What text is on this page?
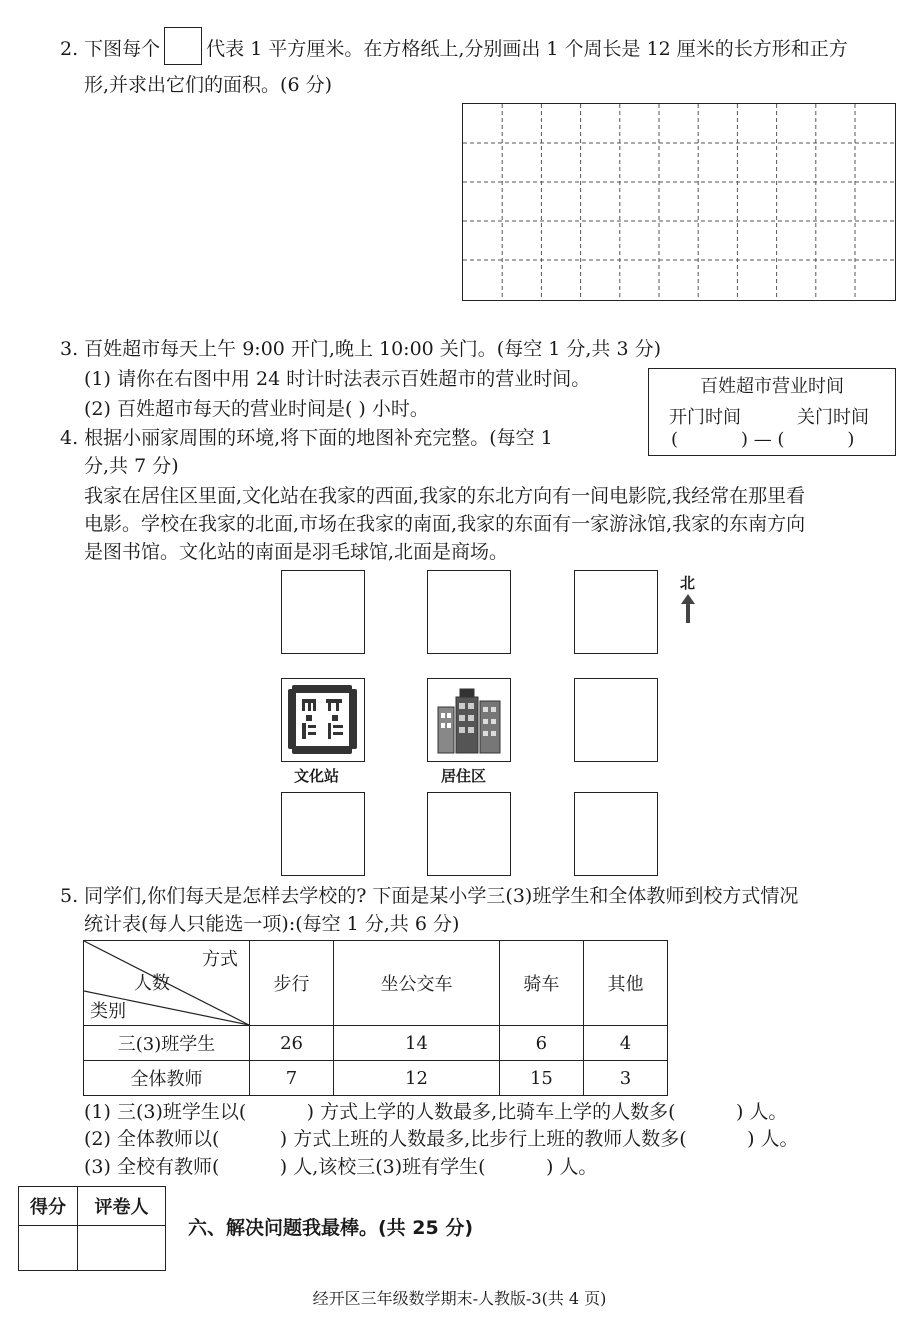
2. 下图每个 代表 1 平方厘米。在方格纸上,分别画出 1 个周长是 12 厘米的长方形和正方
形,并求出它们的面积。(6 分)
3. 百姓超市每天上午 9:00 开门,晚上 10:00 关门。(每空 1 分,共 3 分)
(1) 请你在右图中用 24 时计时法表示百姓超市的营业时间。
(2) 百姓超市每天的营业时间是( ) 小时。
百姓超市营业时间
开门时间	关门时间
(           ) — (           )
4. 根据小丽家周围的环境,将下面的地图补充完整。(每空 1
分,共 7 分)
我家在居住区里面,文化站在我家的西面,我家的东北方向有一间电影院,我经常在那里看
电影。学校在我家的北面,市场在我家的南面,我家的东面有一家游泳馆,我家的东南方向
是图书馆。文化站的南面是羽毛球馆,北面是商场。
文化站	居住区
北
5. 同学们,你们每天是怎样去学校的? 下面是某小学三(3)班学生和全体教师到校方式情况
统计表(每人只能选一项):(每空 1 分,共 6 分)
方式
人数
类别	步行	坐公交车	骑车	其他
三(3)班学生	26	14	6	4
全体教师	7	12	15	3
(1) 三(3)班学生以(          ) 方式上学的人数最多,比骑车上学的人数多(          ) 人。
(2) 全体教师以(          ) 方式上班的人数最多,比步行上班的教师人数多(          ) 人。
(3) 全校有教师(          ) 人,该校三(3)班有学生(          ) 人。
得分	评卷人

六、解决问题我最棒。(共 25 分)
经开区三年级数学期末-人教版-3(共 4 页)
